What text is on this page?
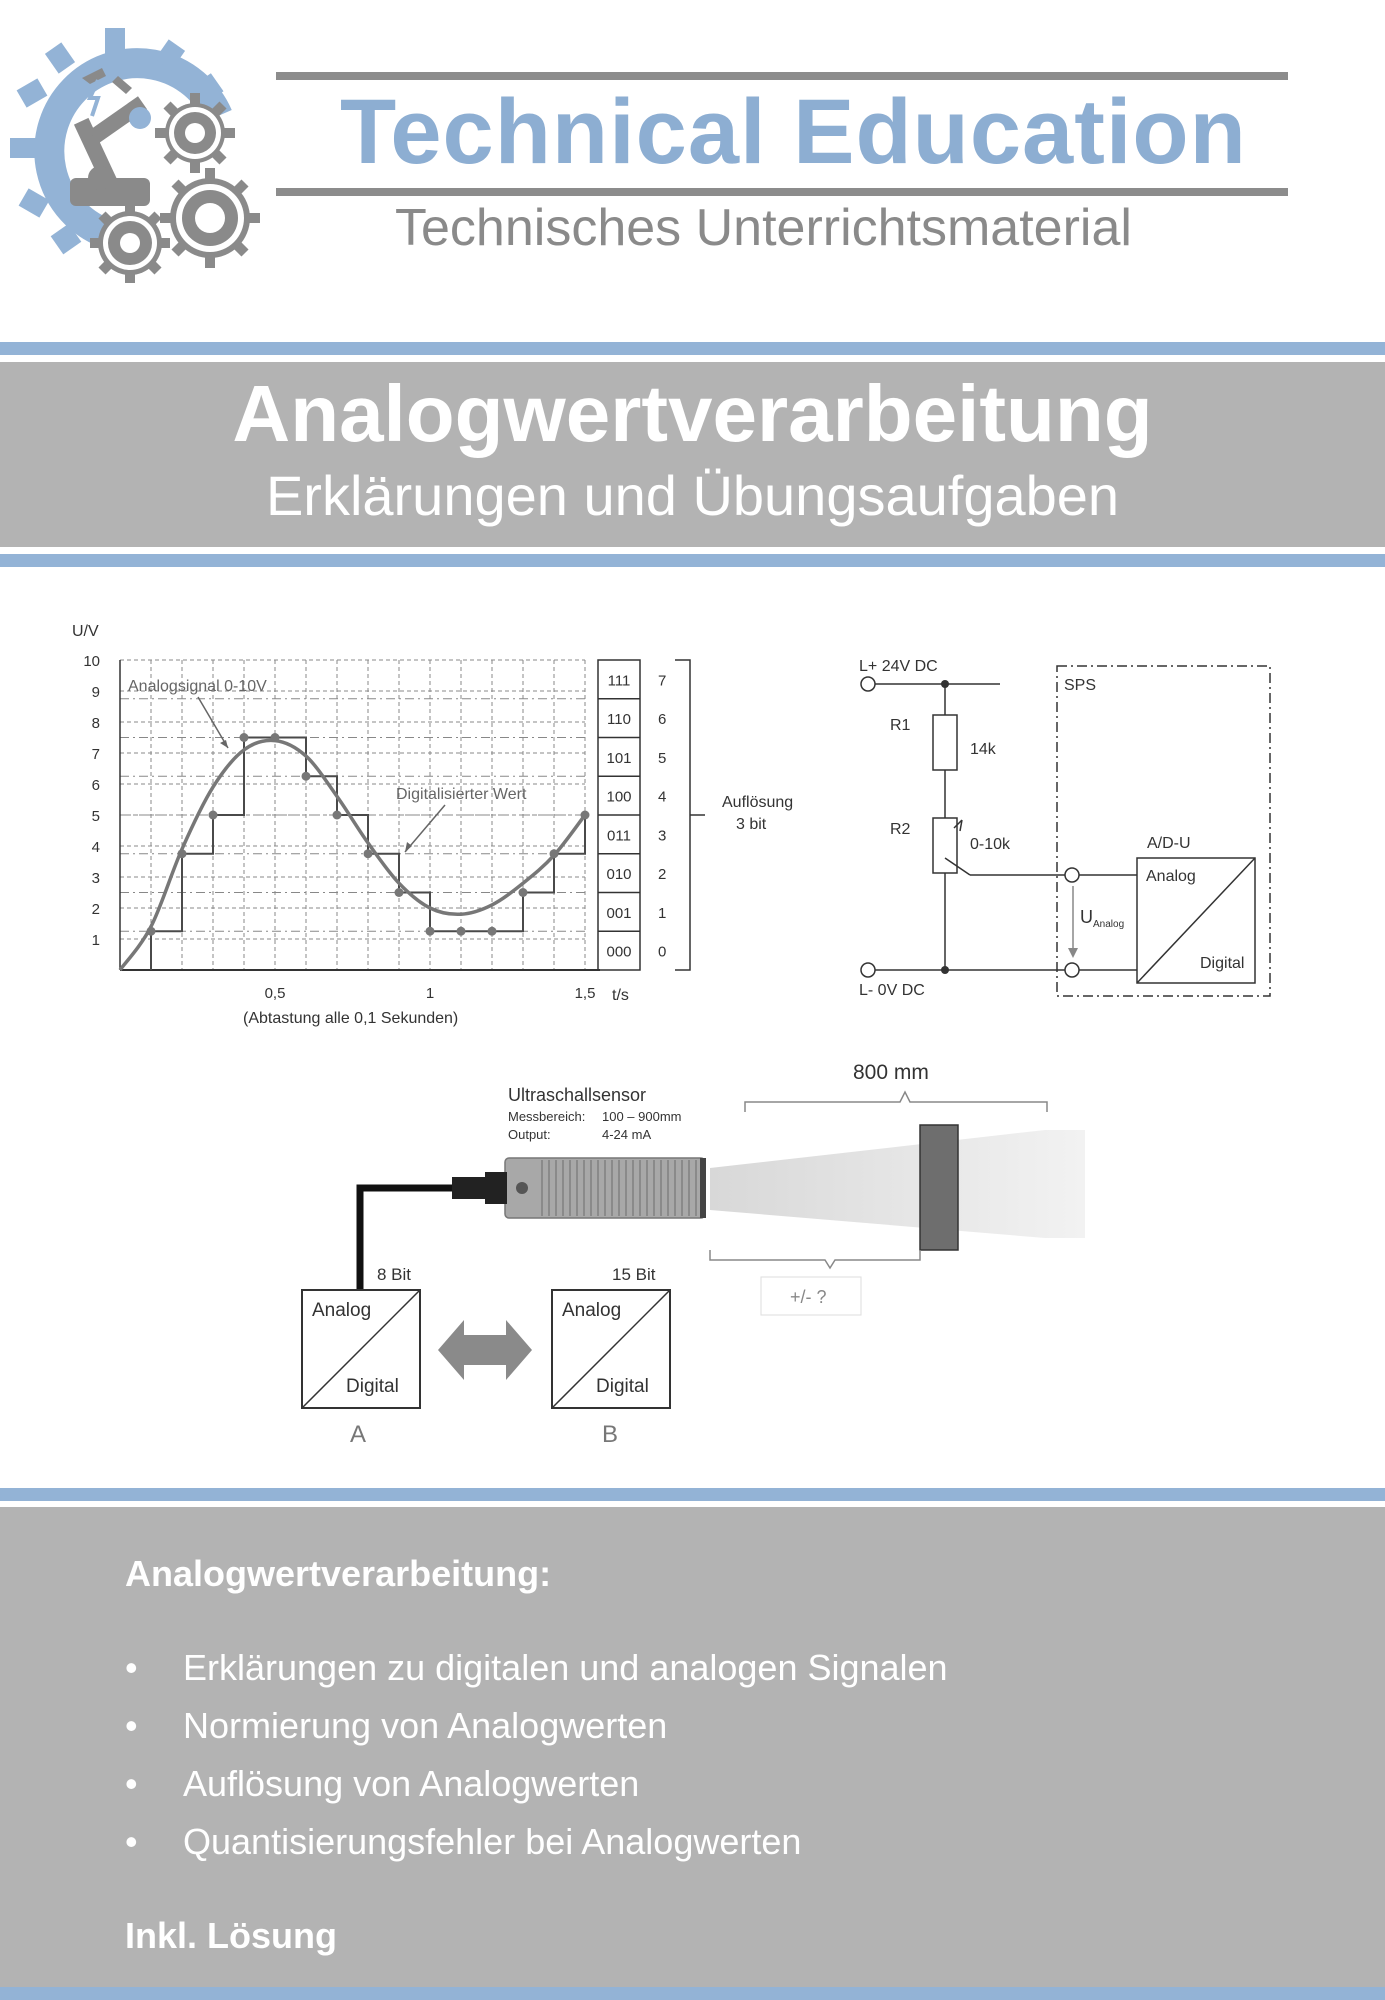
Technical Education
Technisches Unterrichtsmaterial
Analogwertverarbeitung
Erklärungen und Übungsaufgaben
U/V
t/s
1
2
3
4
5
6
7
8
9
10
0,5	1	1,5
(Abtastung alle 0,1 Sekunden)
111 7
110 6
101 5
100 4
011 3
010 2
001 1
000 0
Auflösung
3 bit
Analogsignal 0-10V
Digitalisierter Wert
L+ 24V DC
R1
14k
R2
0-10k
L- 0V DC
SPS
A/D-U
Analog
Digital
U Analog
800 mm
Ultraschallsensor
Messbereich: 100 – 900mm
Output:	4-24 mA
+/- ?
8 Bit
Analog
Digital
A
15 Bit
Analog
Digital
B
Analogwertverarbeitung:
• Erklärungen zu digitalen und analogen Signalen
• Normierung von Analogwerten
• Auflösung von Analogwerten
• Quantisierungsfehler bei Analogwerten
Inkl. Lösung
